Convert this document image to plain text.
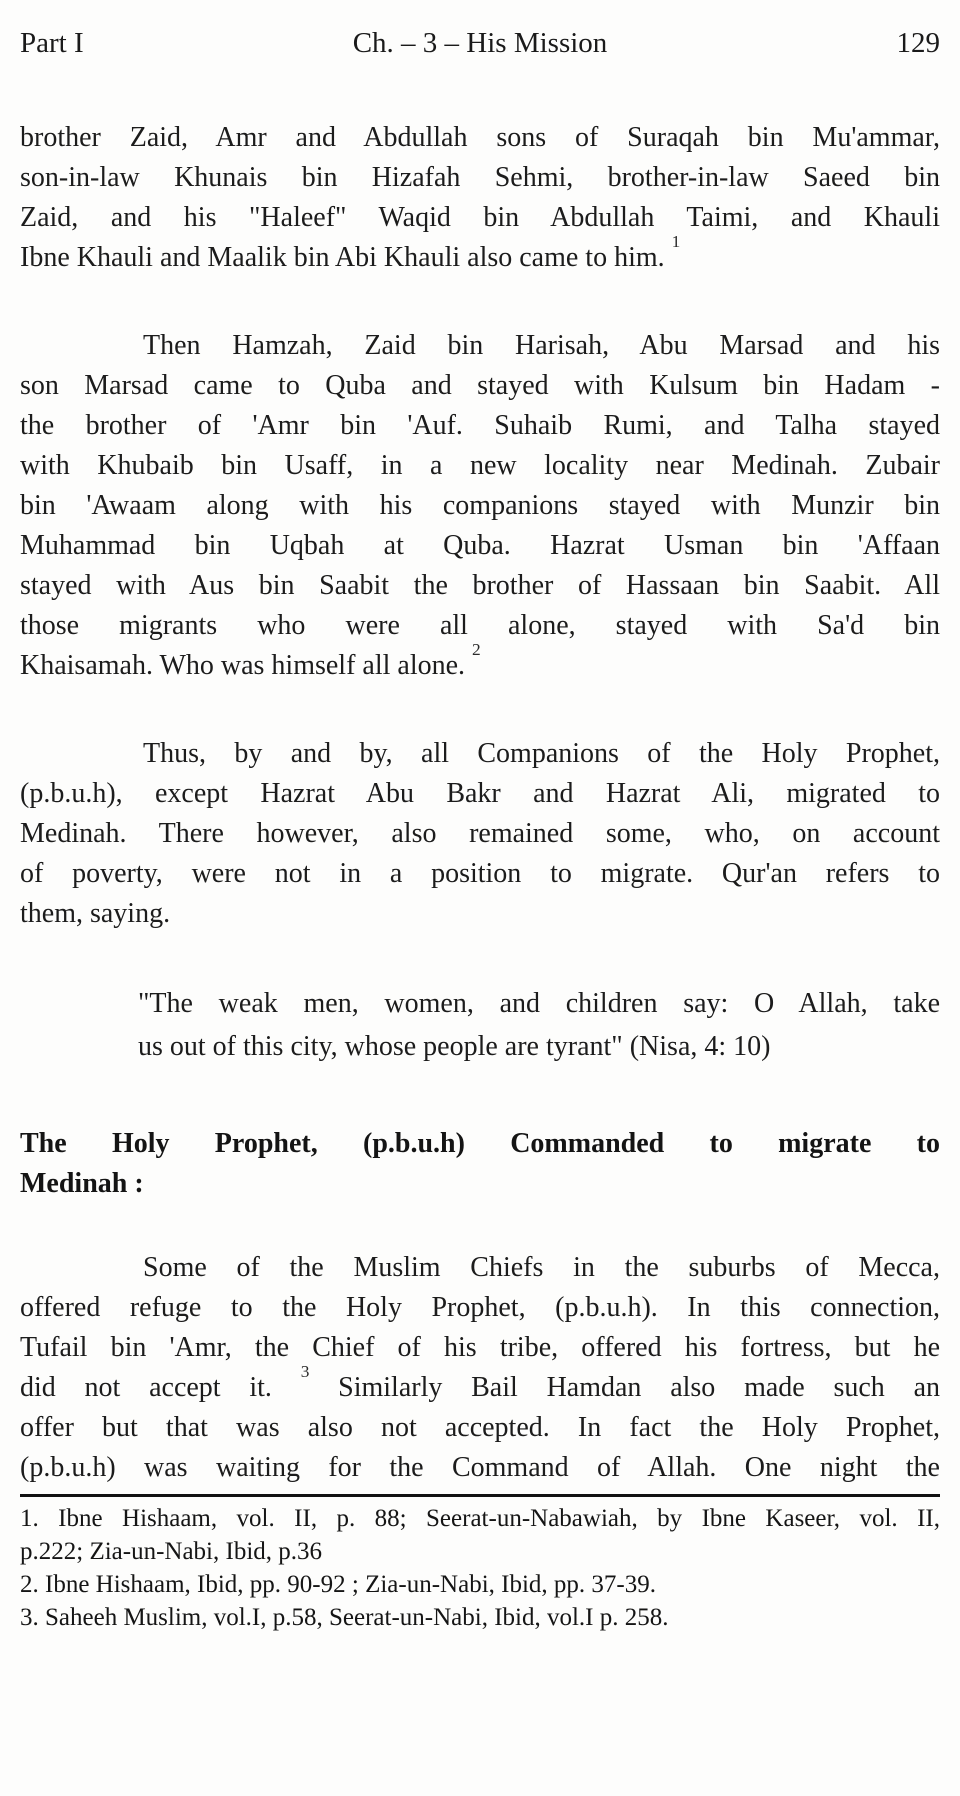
Part I	Ch. – 3 – His Mission	129
brother Zaid, Amr and Abdullah sons of Suraqah bin Mu'ammar,
son-in-law Khunais bin Hizafah Sehmi, brother-in-law Saeed bin
Zaid, and his "Haleef" Waqid bin Abdullah Taimi, and Khauli
Ibne Khauli and Maalik bin Abi Khauli also came to him. $^1$
Then Hamzah, Zaid bin Harisah, Abu Marsad and his
son Marsad came to Quba and stayed with Kulsum bin Hadam -
the brother of 'Amr bin 'Auf. Suhaib Rumi, and Talha stayed
with Khubaib bin Usaff, in a new locality near Medinah. Zubair
bin 'Awaam along with his companions stayed with Munzir bin
Muhammad bin Uqbah at Quba. Hazrat Usman bin 'Affaan
stayed with Aus bin Saabit the brother of Hassaan bin Saabit. All
those migrants who were all alone, stayed with Sa'd bin
Khaisamah. Who was himself all alone. $^2$
Thus, by and by, all Companions of the Holy Prophet,
(p.b.u.h), except Hazrat Abu Bakr and Hazrat Ali, migrated to
Medinah. There however, also remained some, who, on account
of poverty, were not in a position to migrate. Qur'an refers to
them, saying.
"The weak men, women, and children say: O Allah, take
us out of this city, whose people are tyrant" (Nisa, 4: 10)
The Holy Prophet, (p.b.u.h) Commanded to migrate to
Medinah :
Some of the Muslim Chiefs in the suburbs of Mecca,
offered refuge to the Holy Prophet, (p.b.u.h). In this connection,
Tufail bin 'Amr, the Chief of his tribe, offered his fortress, but he
did not accept it. $^3$ Similarly Bail Hamdan also made such an
offer but that was also not accepted. In fact the Holy Prophet,
(p.b.u.h) was waiting for the Command of Allah. One night the
1. Ibne Hishaam, vol. II, p. 88; Seerat-un-Nabawiah, by Ibne Kaseer, vol. II,
p.222; Zia-un-Nabi, Ibid, p.36
2. Ibne Hishaam, Ibid, pp. 90-92 ; Zia-un-Nabi, Ibid, pp. 37-39.
3. Saheeh Muslim, vol.I, p.58, Seerat-un-Nabi, Ibid, vol.I p. 258.
